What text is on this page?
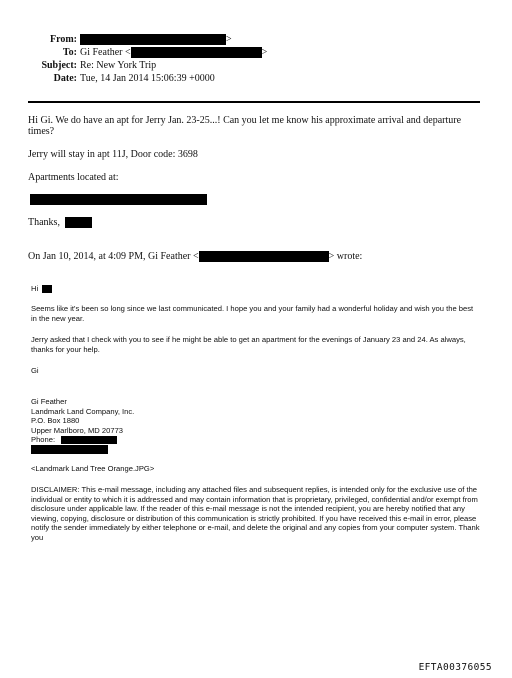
From:	>
To: Gi Feather <	>
Subject: Re: New York Trip
Date: Tue, 14 Jan 2014 15:06:39 +0000
Hi Gi. We do have an apt for Jerry Jan. 23-25...! Can you let me know his approximate arrival and departure times?
Jerry will stay in apt 11J, Door code: 3698
Apartments located at:
Thanks,
On Jan 10, 2014, at 4:09 PM, Gi Feather <	> wrote:
Hi
Seems like it's been so long since we last communicated. I hope you and your family had a wonderful holiday and wish you the best in the new year.
Jerry asked that I check with you to see if he might be able to get an apartment for the evenings of January 23 and 24. As always, thanks for your help.
Gi
Gi Feather
Landmark Land Company, Inc.
P.O. Box 1880
Upper Marlboro, MD 20773
Phone:
<Landmark Land Tree Orange.JPG>
DISCLAIMER: This e-mail message, including any attached files and subsequent replies, is intended only for the exclusive use of the individual or entity to which it is addressed and may contain information that is proprietary, privileged, confidential and/or exempt from disclosure under applicable law. If the reader of this e-mail message is not the intended recipient, you are hereby notified that any viewing, copying, disclosure or distribution of this communication is strictly prohibited. If you have received this e-mail in error, please notify the sender immediately by either telephone or e-mail, and delete the original and any copies from your computer system. Thank you
EFTA00376055
